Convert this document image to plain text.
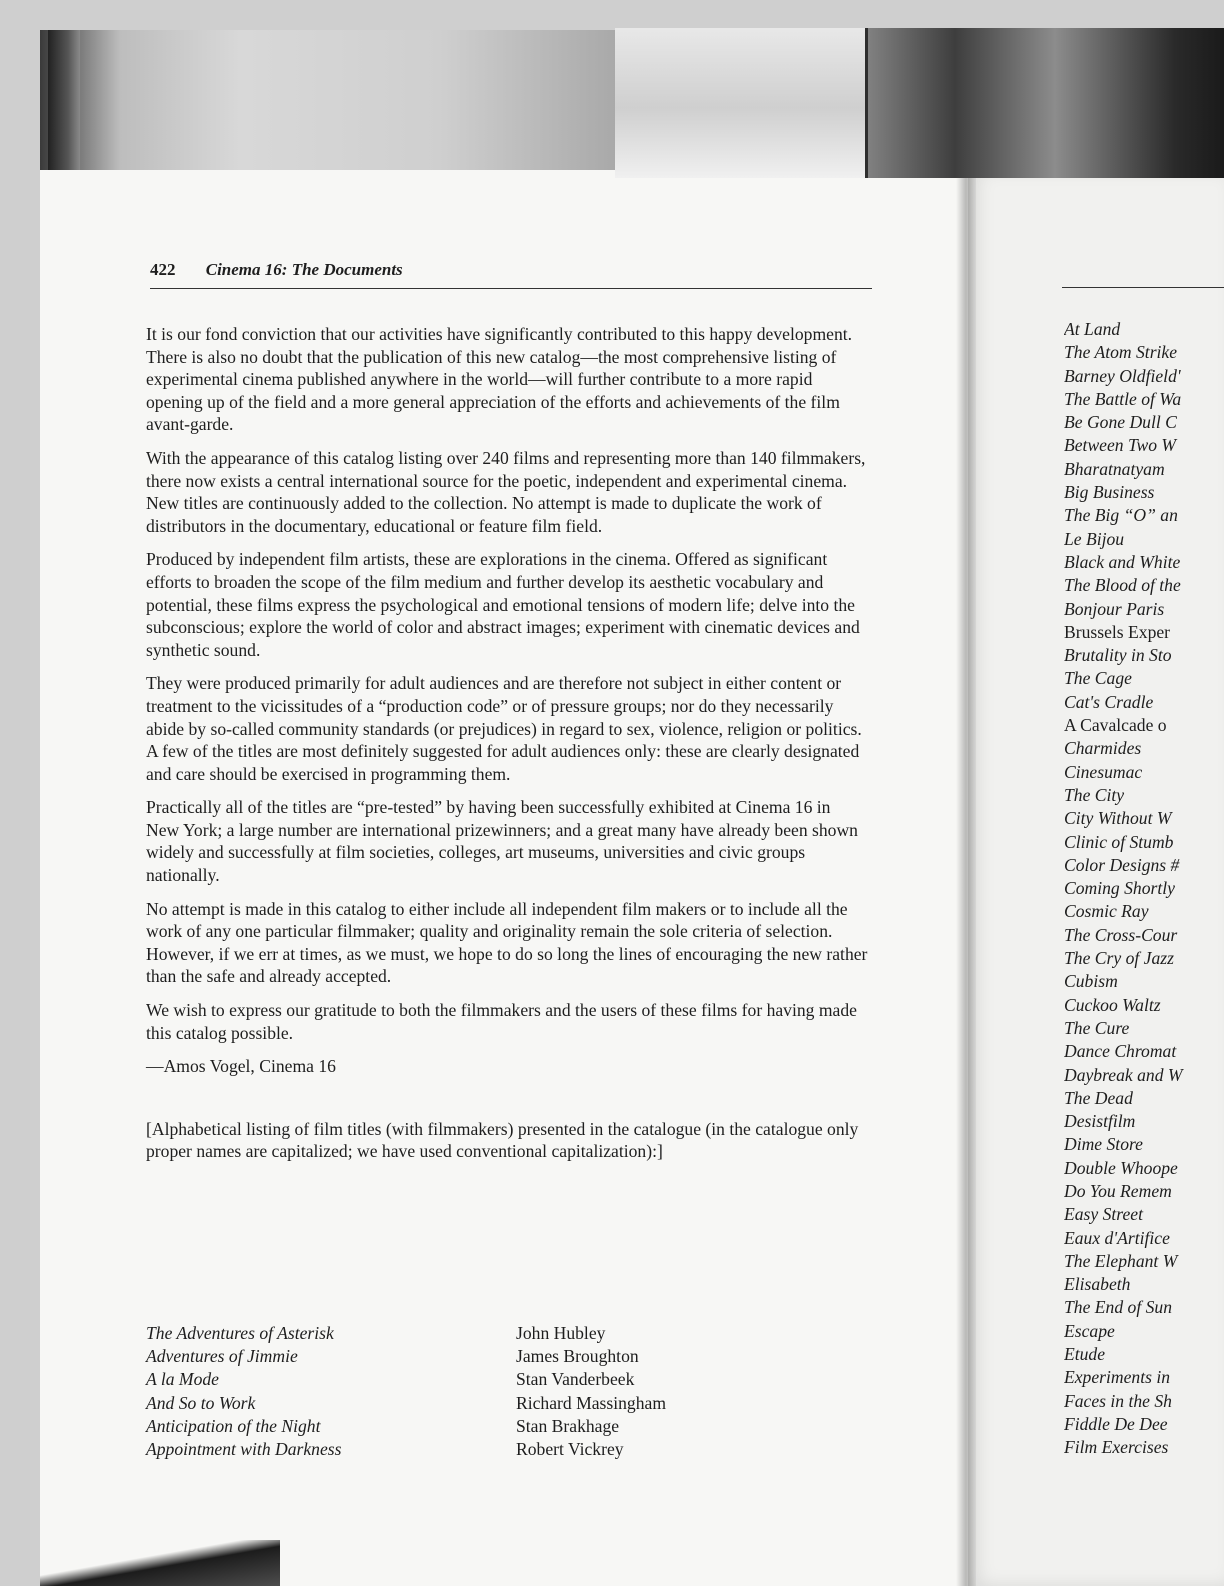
422 Cinema 16: The Documents

It is our fond conviction that our activities have significantly contributed to this happy development. There is also no doubt that the publication of this new catalog—the most comprehensive listing of experimental cinema published anywhere in the world—will further contribute to a more rapid opening up of the field and a more general appreciation of the efforts and achievements of the film avant-garde.

With the appearance of this catalog listing over 240 films and representing more than 140 filmmakers, there now exists a central international source for the poetic, independent and experimental cinema. New titles are continuously added to the collection. No attempt is made to duplicate the work of distributors in the documentary, educational or feature film field.

Produced by independent film artists, these are explorations in the cinema. Offered as significant efforts to broaden the scope of the film medium and further develop its aesthetic vocabulary and potential, these films express the psychological and emotional tensions of modern life; delve into the subconscious; explore the world of color and abstract images; experiment with cinematic devices and synthetic sound.

They were produced primarily for adult audiences and are therefore not subject in either content or treatment to the vicissitudes of a “production code” or of pressure groups; nor do they necessarily abide by so-called community standards (or prejudices) in regard to sex, violence, religion or politics. A few of the titles are most definitely suggested for adult audiences only: these are clearly designated and care should be exercised in programming them.

Practically all of the titles are “pre-tested” by having been successfully exhibited at Cinema 16 in New York; a large number are international prizewinners; and a great many have already been shown widely and successfully at film societies, colleges, art museums, universities and civic groups nationally.

No attempt is made in this catalog to either include all independent film makers or to include all the work of any one particular filmmaker; quality and originality remain the sole criteria of selection. However, if we err at times, as we must, we hope to do so long the lines of encouraging the new rather than the safe and already accepted.

We wish to express our gratitude to both the filmmakers and the users of these films for having made this catalog possible.

—Amos Vogel, Cinema 16

[Alphabetical listing of film titles (with filmmakers) presented in the catalogue (in the catalogue only proper names are capitalized; we have used conventional capitalization):]

The Adventures of Asterisk	John Hubley
Adventures of Jimmie	James Broughton
A la Mode	Stan Vanderbeek
And So to Work	Richard Massingham
Anticipation of the Night	Stan Brakhage
Appointment with Darkness	Robert Vickrey
At Land
The Atom Strike
Barney Oldfield'
The Battle of Wa
Be Gone Dull C
Between Two W
Bharatnatyam
Big Business
The Big “O” an
Le Bijou
Black and White
The Blood of the
Bonjour Paris
Brussels Exper
Brutality in Sto
The Cage
Cat's Cradle
A Cavalcade o
Charmides
Cinesumac
The City
City Without W
Clinic of Stumb
Color Designs #
Coming Shortly
Cosmic Ray
The Cross-Cour
The Cry of Jazz
Cubism
Cuckoo Waltz
The Cure
Dance Chromat
Daybreak and W
The Dead
Desistfilm
Dime Store
Double Whoope
Do You Remem
Easy Street
Eaux d'Artifice
The Elephant W
Elisabeth
The End of Sun
Escape
Etude
Experiments in
Faces in the Sh
Fiddle De Dee
Film Exercises
